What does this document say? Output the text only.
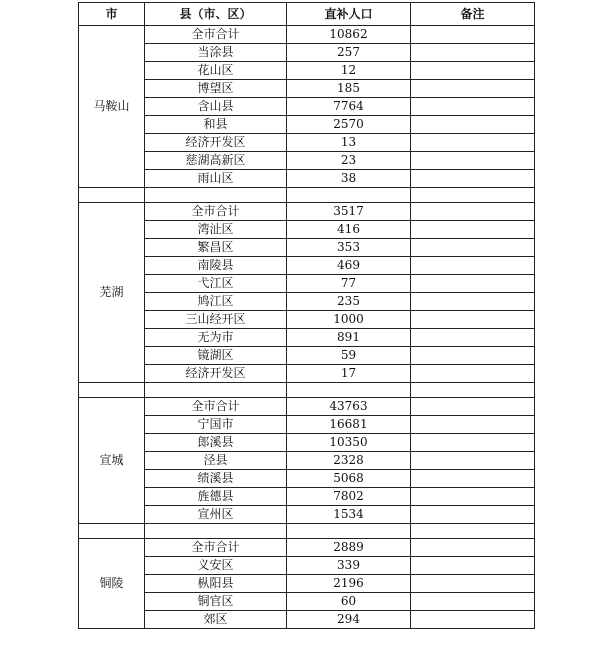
市	县（市、区）	直补人口	备注
马鞍山	全市合计	10862	
	当涂县	257	
	花山区	12	
	博望区	185	
	含山县	7764	
	和县	2570	
	经济开发区	13	
	慈湖高新区	23	
	雨山区	38	

芜湖	全市合计	3517	
	湾沚区	416	
	繁昌区	353	
	南陵县	469	
	弋江区	77	
	鸠江区	235	
	三山经开区	1000	
	无为市	891	
	镜湖区	59	
	经济开发区	17	

宣城	全市合计	43763	
	宁国市	16681	
	郎溪县	10350	
	泾县	2328	
	绩溪县	5068	
	旌德县	7802	
	宣州区	1534	

铜陵	全市合计	2889	
	义安区	339	
	枞阳县	2196	
	铜官区	60	
	郊区	294	
